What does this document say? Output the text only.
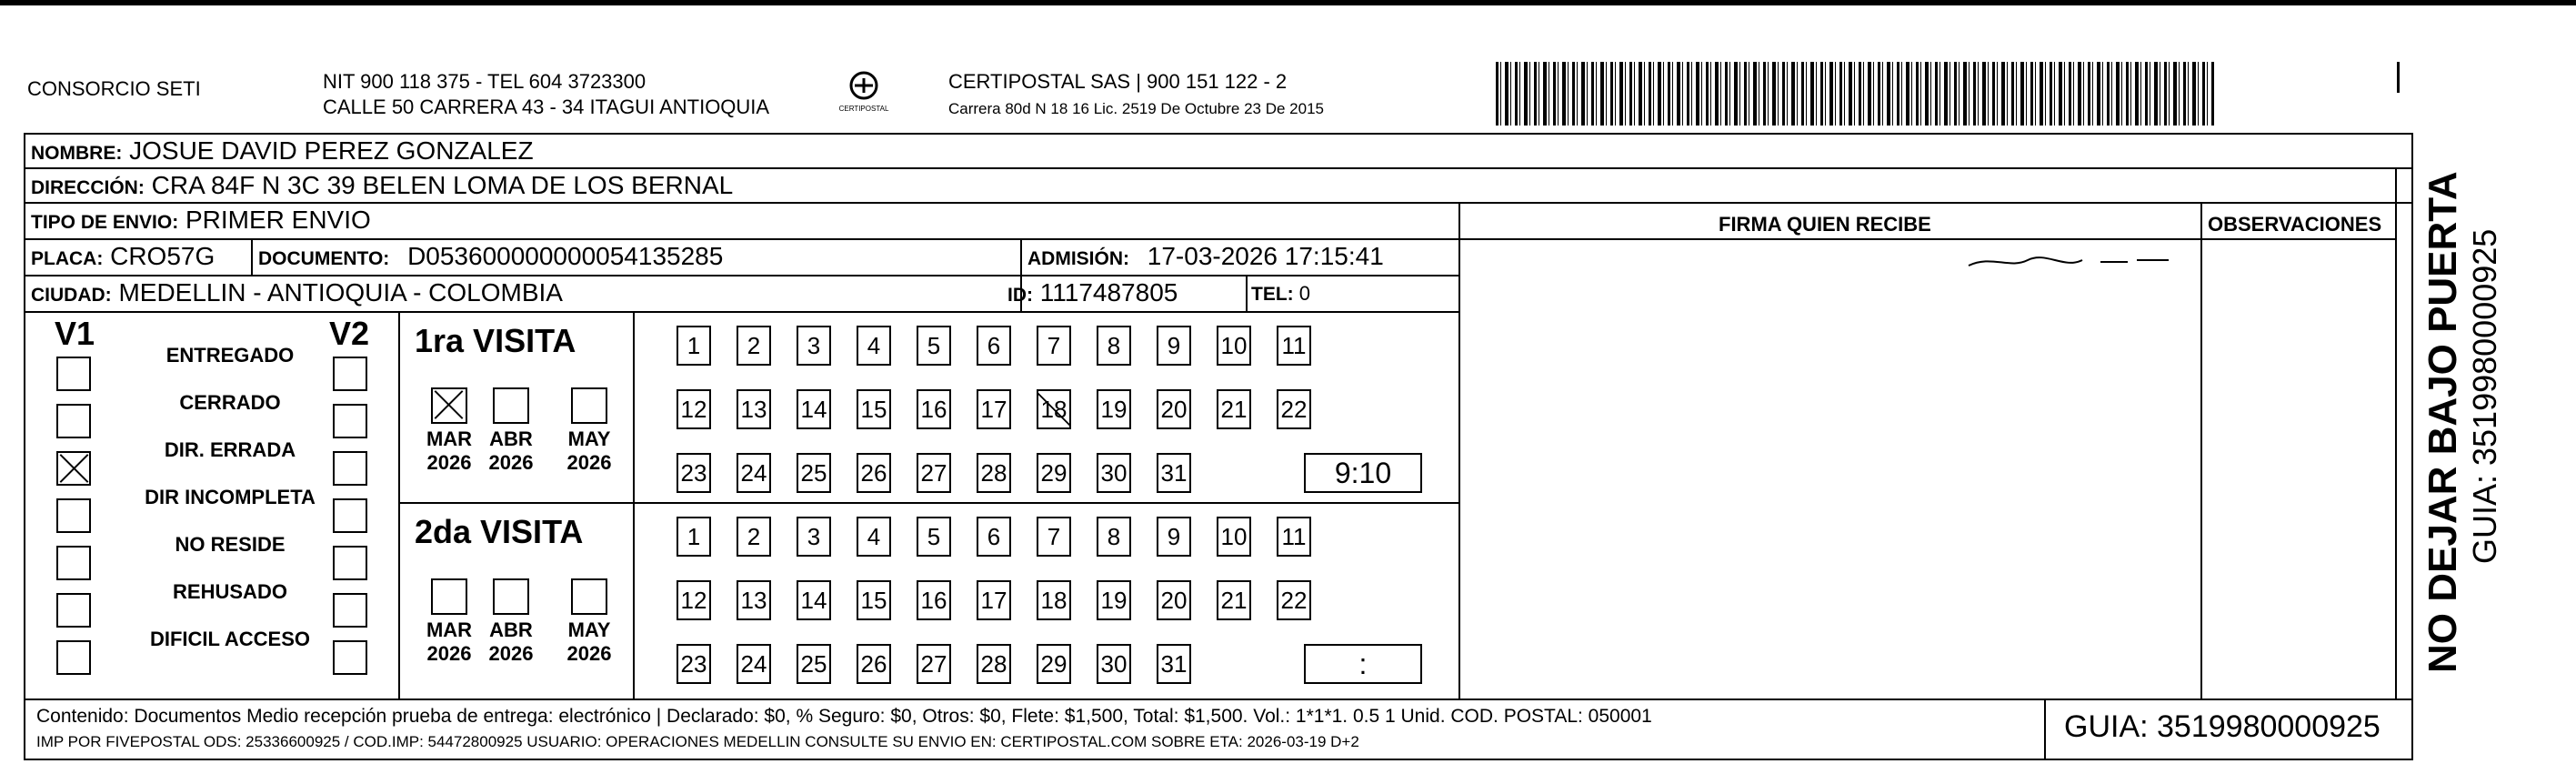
CONSORCIO SETI	NIT 900 118 375 - TEL 604 3723300
CALLE 50 CARRERA 43 - 34 ITAGUI ANTIOQUIA	CERTIPOSTAL
CERTIPOSTAL SAS | 900 151 122 - 2
Carrera 80d N 18 16 Lic. 2519 De Octubre 23 De 2015
NOMBRE: JOSUE DAVID PEREZ GONZALEZ
DIRECCIÓN: CRA 84F N 3C 39 BELEN LOMA DE LOS BERNAL
TIPO DE ENVIO: PRIMER ENVIO	FIRMA QUIEN RECIBE	OBSERVACIONES
PLACA: CRO57G DOCUMENTO: D053600000000054135285	ADMISIÓN: 17-03-2026 17:15:41
CIUDAD: MEDELLIN - ANTIOQUIA - COLOMBIA	ID: 1117487805	TEL: 0
V1	V2
ENTREGADO
CERRADO
DIR. ERRADA
DIR INCOMPLETA
NO RESIDE
REHUSADO
DIFICIL ACCESO
1ra VISITA
MAR
2026
ABR
2026
MAY
2026
1	2	3	4	5	6	7	8	9	10 11
12 13 14 15 16 17 18 19 20 21 22
23 24 25 26 27 28 29 30 31	9:10
2da VISITA
MAR
2026
ABR
2026
MAY
2026
1	2	3	4	5	6	7	8	9	10 11
12 13 14 15 16 17 18 19 20 21 22
23 24 25 26 27 28 29 30 31	:
Contenido: Documentos Medio recepción prueba de entrega: electrónico | Declarado: $0, % Seguro: $0, Otros: $0, Flete: $1,500, Total: $1,500. Vol.: 1*1*1. 0.5 1 Unid. COD. POSTAL: 050001
IMP POR FIVEPOSTAL ODS: 25336600925 / COD.IMP: 54472800925 USUARIO: OPERACIONES MEDELLIN CONSULTE SU ENVIO EN: CERTIPOSTAL.COM SOBRE ETA: 2026-03-19 D+2	GUIA: 3519980000925
NO DEJAR BAJO PUERTA GUIA: 3519980000925
